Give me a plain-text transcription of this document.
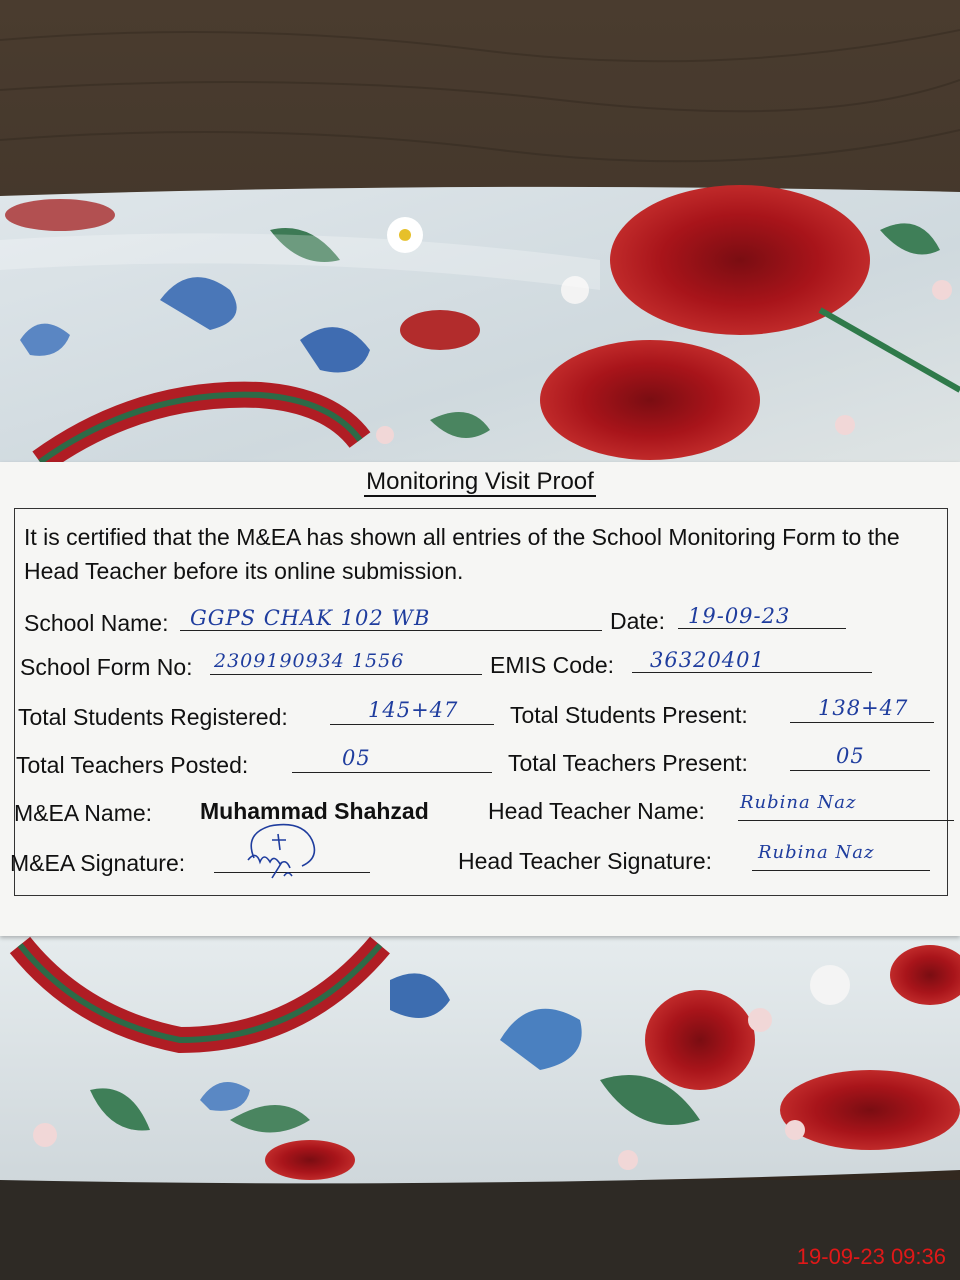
Monitoring Visit Proof
It is certified that the M&EA has shown all entries of the School Monitoring Form to the Head Teacher before its online submission.
School Name: GGPS CHAK 102 WB	Date: 19-09-23
School Form No: 2309190934 1556	EMIS Code: 36320401
Total Students Registered:	145+47 Total Students Present:	138+47
Total Teachers Posted:	05	Total Teachers Present:	05
M&EA Name: Muhammad Shahzad	Head Teacher Name: Rubina Naz
M&EA Signature:	Head Teacher Signature:	Rubina Naz
19-09-23 09:36
